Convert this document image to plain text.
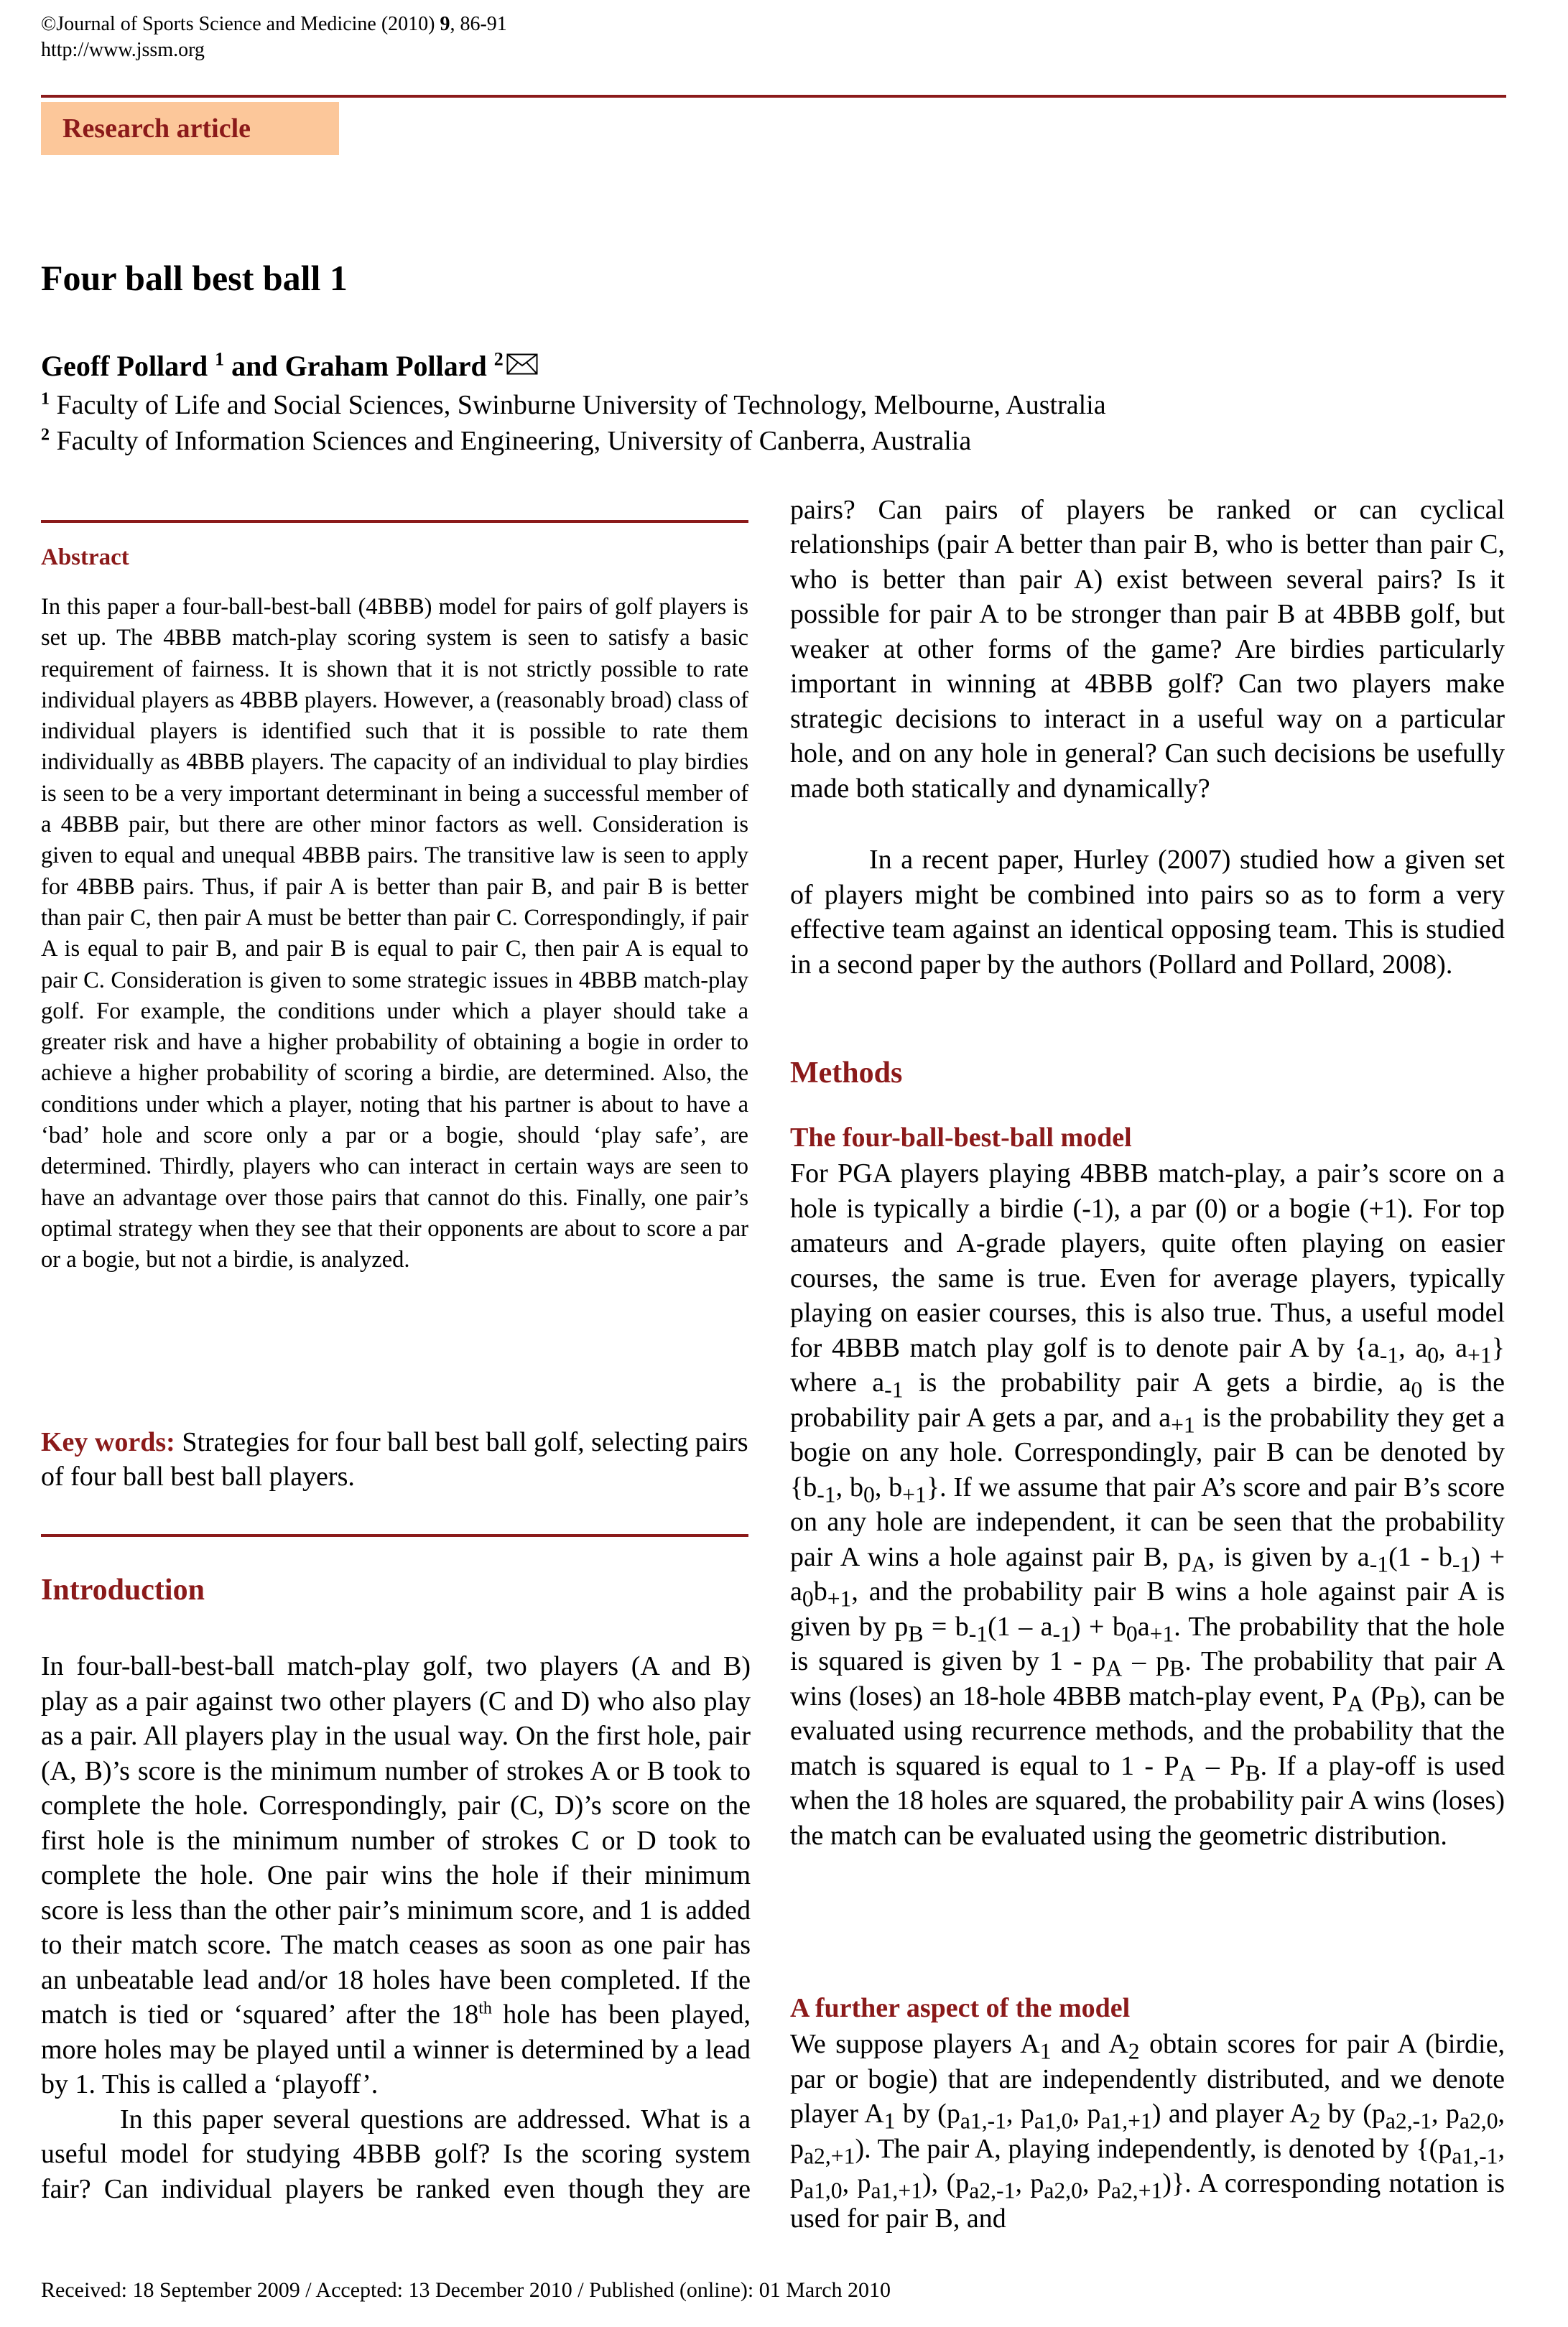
©Journal of Sports Science and Medicine (2010) 9, 86-91
http://www.jssm.org
Research article
Four ball best ball 1
Geoff Pollard $^1$ and Graham Pollard $^2$
$^1$ Faculty of Life and Social Sciences, Swinburne University of Technology, Melbourne, Australia
$^2$ Faculty of Information Sciences and Engineering, University of Canberra, Australia
Abstract
In this paper a four-ball-best-ball (4BBB) model for pairs of golf players is set up. The 4BBB match-play scoring system is seen to satisfy a basic requirement of fairness. It is shown that it is not strictly possible to rate individual players as 4BBB players. However, a (reasonably broad) class of individual players is identified such that it is possible to rate them individually as 4BBB players. The capacity of an individual to play birdies is seen to be a very important determinant in being a successful member of a 4BBB pair, but there are other minor factors as well. Consideration is given to equal and unequal 4BBB pairs. The transitive law is seen to apply for 4BBB pairs. Thus, if pair A is better than pair B, and pair B is better than pair C, then pair A must be better than pair C. Correspondingly, if pair A is equal to pair B, and pair B is equal to pair C, then pair A is equal to pair C. Consideration is given to some strategic issues in 4BBB match-play golf. For example, the conditions under which a player should take a greater risk and have a higher probability of obtaining a bogie in order to achieve a higher probability of scoring a birdie, are determined. Also, the conditions under which a player, noting that his partner is about to have a ‘bad’ hole and score only a par or a bogie, should ‘play safe’, are determined. Thirdly, players who can interact in certain ways are seen to have an advantage over those pairs that cannot do this. Finally, one pair’s optimal strategy when they see that their opponents are about to score a par or a bogie, but not a birdie, is analyzed.
Key words: Strategies for four ball best ball golf, selecting pairs of four ball best ball players.
Introduction

In four-ball-best-ball match-play golf, two players (A and B) play as a pair against two other players (C and D) who also play as a pair. All players play in the usual way. On the first hole, pair (A, B)’s score is the minimum number of strokes A or B took to complete the hole. Correspondingly, pair (C, D)’s score on the first hole is the minimum number of strokes C or D took to complete the hole. One pair wins the hole if their minimum score is less than the other pair’s minimum score, and 1 is added to their match score. The match ceases as soon as one pair has an unbeatable lead and/or 18 holes have been completed. If the match is tied or ‘squared’ after the 18th hole has been played, more holes may be played until a winner is determined by a lead by 1. This is called a ‘playoff’.

In this paper several questions are addressed. What is a useful model for studying 4BBB golf? Is the scoring system fair? Can individual players be ranked even though they are

pairs? Can pairs of players be ranked or can cyclical relationships (pair A better than pair B, who is better than pair C, who is better than pair A) exist between several pairs? Is it possible for pair A to be stronger than pair B at 4BBB golf, but weaker at other forms of the game? Are birdies particularly important in winning at 4BBB golf? Can two players make strategic decisions to interact in a useful way on a particular hole, and on any hole in general? Can such decisions be usefully made both statically and dynamically?

In a recent paper, Hurley (2007) studied how a given set of players might be combined into pairs so as to form a very effective team against an identical opposing team. This is studied in a second paper by the authors (Pollard and Pollard, 2008).

Methods
The four-ball-best-ball model

For PGA players playing 4BBB match-play, a pair’s score on a hole is typically a birdie (-1), a par (0) or a bogie (+1). For top amateurs and A-grade players, quite often playing on easier courses, the same is true. Even for average players, typically playing on easier courses, this is also true. Thus, a useful model for 4BBB match play golf is to denote pair A by {$a_{-1}$, $a_0$, $a_{+1}$} where $a_{-1}$ is the probability pair A gets a birdie, $a_0$ is the probability pair A gets a par, and $a_{+1}$ is the probability they get a bogie on any hole. Correspondingly, pair B can be denoted by {$b_{-1}$, $b_0$, $b_{+1}$}. If we assume that pair A’s score and pair B’s score on any hole are independent, it can be seen that the probability pair A wins a hole against pair B, $p_A$, is given by $a_{-1}(1 - b_{-1}) + a_0b_{+1}$, and the probability pair B wins a hole against pair A is given by $p_B = b_{-1}(1 - a_{-1}) + b_0a_{+1}$. The probability that the hole is squared is given by $1 - p_A - p_B$. The probability that pair A wins (loses) an 18-hole 4BBB match-play event, $P_A$ $(P_B)$, can be evaluated using recurrence methods, and the probability that the match is squared is equal to $1 - P_A - P_B$. If a play-off is used when the 18 holes are squared, the probability pair A wins (loses) the match can be evaluated using the geometric distribution.

A further aspect of the model

We suppose players $A_1$ and $A_2$ obtain scores for pair A (birdie, par or bogie) that are independently distributed, and we denote player $A_1$ by ($p_{a1,-1}$, $p_{a1,0}$, $p_{a1,+1}$) and player $A_2$ by ($p_{a2,-1}$, $p_{a2,0}$, $p_{a2,+1}$). The pair A, playing independently, is denoted by {($p_{a1,-1}$, $p_{a1,0}$, $p_{a1,+1}$), ($p_{a2,-1}$, $p_{a2,0}$, $p_{a2,+1}$)}. A corresponding notation is used for pair B, and

Received: 18 September 2009 / Accepted: 13 December 2010 / Published (online): 01 March 2010
